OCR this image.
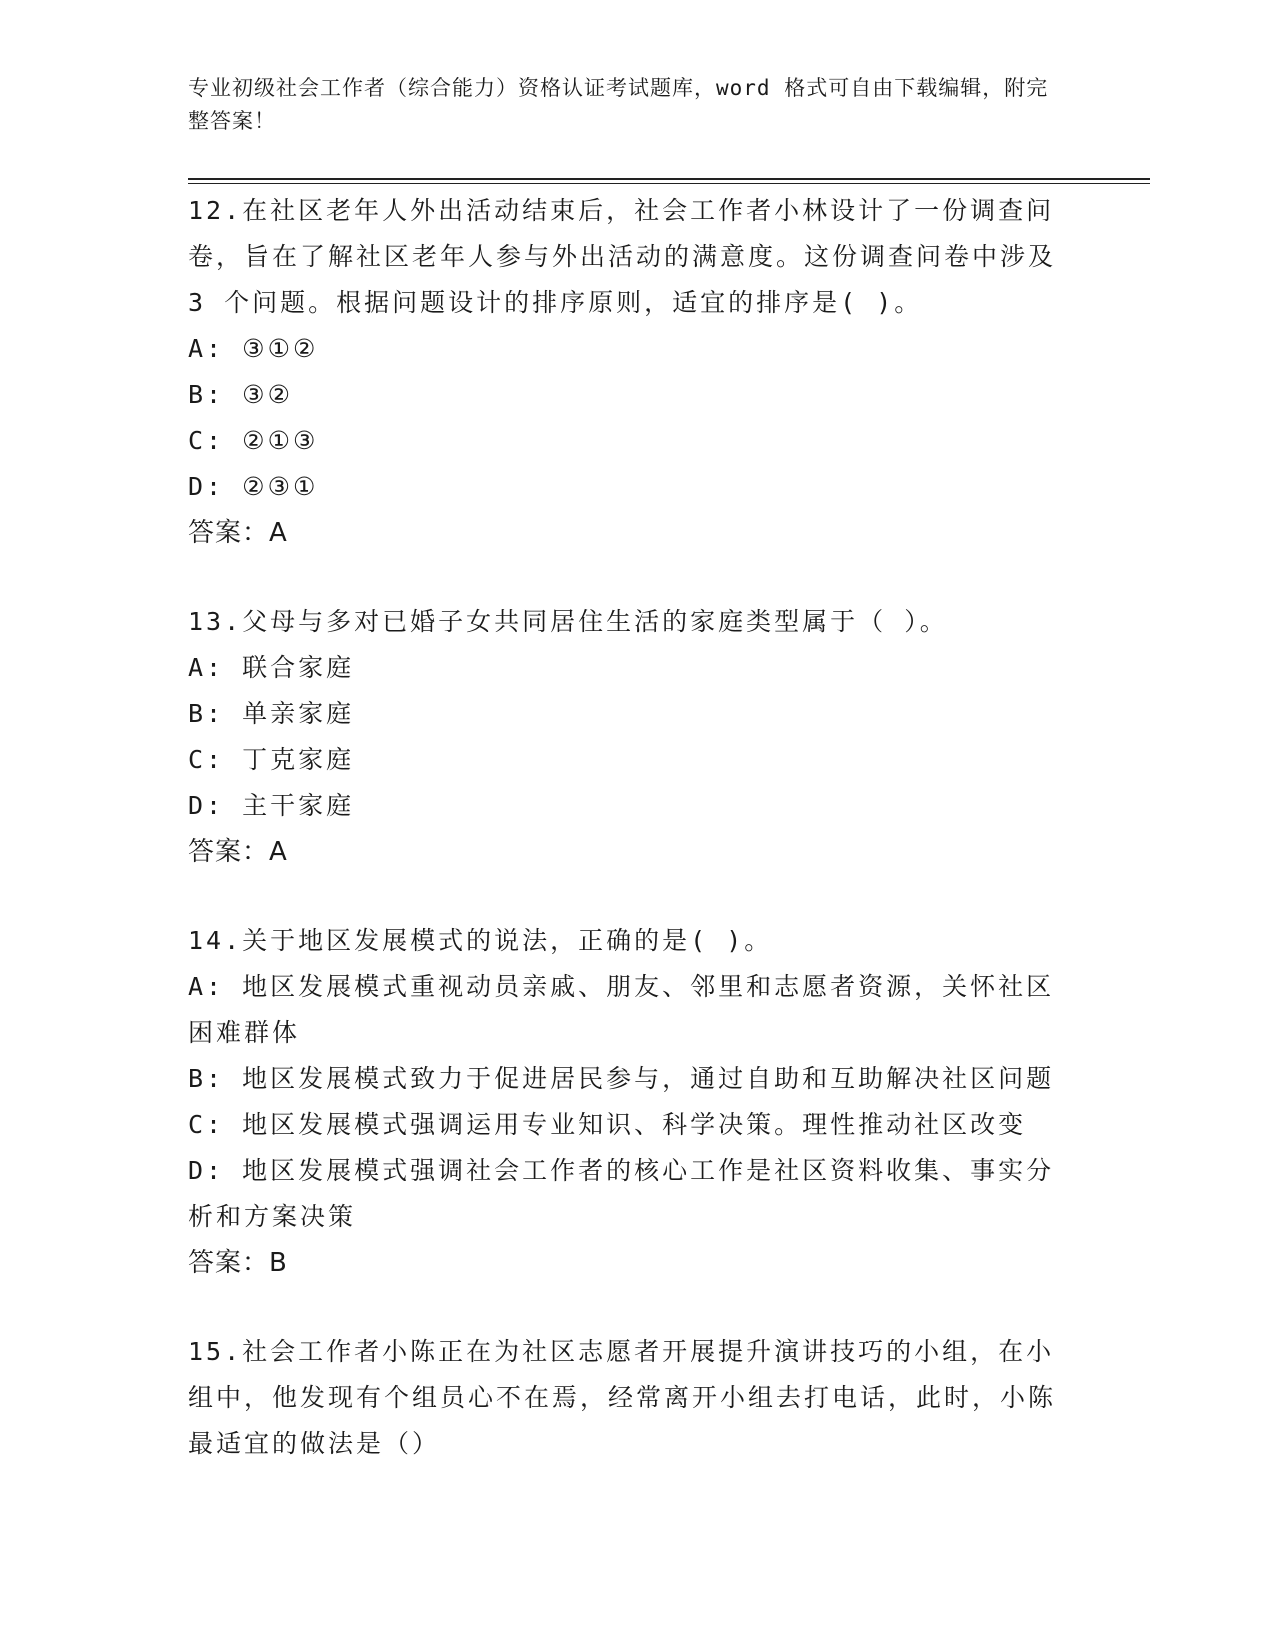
专业初级社会工作者（综合能力）资格认证考试题库，word 格式可自由下载编辑，附完整答案！

12.在社区老年人外出活动结束后，社会工作者小林设计了一份调查问卷，旨在了解社区老年人参与外出活动的满意度。这份调查问卷中涉及 3 个问题。根据问题设计的排序原则，适宜的排序是( )。

A: ③①②

B: ③②

C: ②①③

D: ②③①

答案：A

13.父母与多对已婚子女共同居住生活的家庭类型属于（ ）。

A: 联合家庭

B: 单亲家庭

C: 丁克家庭

D: 主干家庭

答案：A

14.关于地区发展模式的说法，正确的是( )。

A: 地区发展模式重视动员亲戚、朋友、邻里和志愿者资源，关怀社区困难群体

B: 地区发展模式致力于促进居民参与，通过自助和互助解决社区问题

C: 地区发展模式强调运用专业知识、科学决策。理性推动社区改变

D: 地区发展模式强调社会工作者的核心工作是社区资料收集、事实分析和方案决策

答案：B

15.社会工作者小陈正在为社区志愿者开展提升演讲技巧的小组，在小组中，他发现有个组员心不在焉，经常离开小组去打电话，此时，小陈最适宜的做法是（）
